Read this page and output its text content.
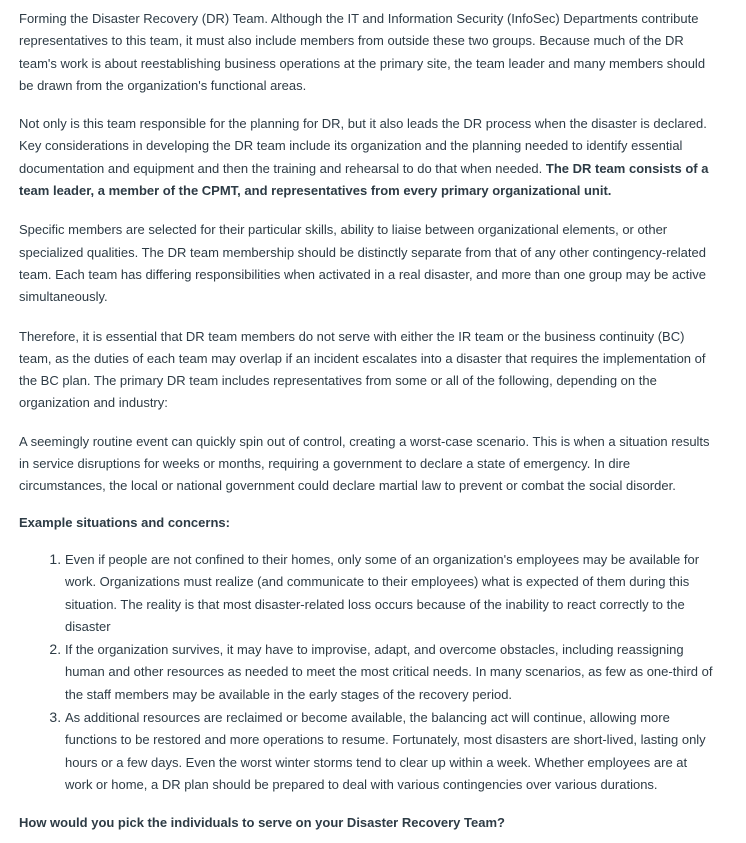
Forming the Disaster Recovery (DR) Team. Although the IT and Information Security (InfoSec) Departments contribute representatives to this team, it must also include members from outside these two groups. Because much of the DR team's work is about reestablishing business operations at the primary site, the team leader and many members should be drawn from the organization's functional areas.

Not only is this team responsible for the planning for DR, but it also leads the DR process when the disaster is declared. Key considerations in developing the DR team include its organization and the planning needed to identify essential documentation and equipment and then the training and rehearsal to do that when needed. The DR team consists of a team leader, a member of the CPMT, and representatives from every primary organizational unit.

Specific members are selected for their particular skills, ability to liaise between organizational elements, or other specialized qualities. The DR team membership should be distinctly separate from that of any other contingency-related team. Each team has differing responsibilities when activated in a real disaster, and more than one group may be active simultaneously.

Therefore, it is essential that DR team members do not serve with either the IR team or the business continuity (BC) team, as the duties of each team may overlap if an incident escalates into a disaster that requires the implementation of the BC plan. The primary DR team includes representatives from some or all of the following, depending on the organization and industry:

A seemingly routine event can quickly spin out of control, creating a worst-case scenario. This is when a situation results in service disruptions for weeks or months, requiring a government to declare a state of emergency. In dire circumstances, the local or national government could declare martial law to prevent or combat the social disorder.

Example situations and concerns:

1. Even if people are not confined to their homes, only some of an organization's employees may be available for work. Organizations must realize (and communicate to their employees) what is expected of them during this situation. The reality is that most disaster-related loss occurs because of the inability to react correctly to the disaster
2. If the organization survives, it may have to improvise, adapt, and overcome obstacles, including reassigning human and other resources as needed to meet the most critical needs. In many scenarios, as few as one-third of the staff members may be available in the early stages of the recovery period.
3. As additional resources are reclaimed or become available, the balancing act will continue, allowing more functions to be restored and more operations to resume. Fortunately, most disasters are short-lived, lasting only hours or a few days. Even the worst winter storms tend to clear up within a week. Whether employees are at work or home, a DR plan should be prepared to deal with various contingencies over various durations.

How would you pick the individuals to serve on your Disaster Recovery Team?
